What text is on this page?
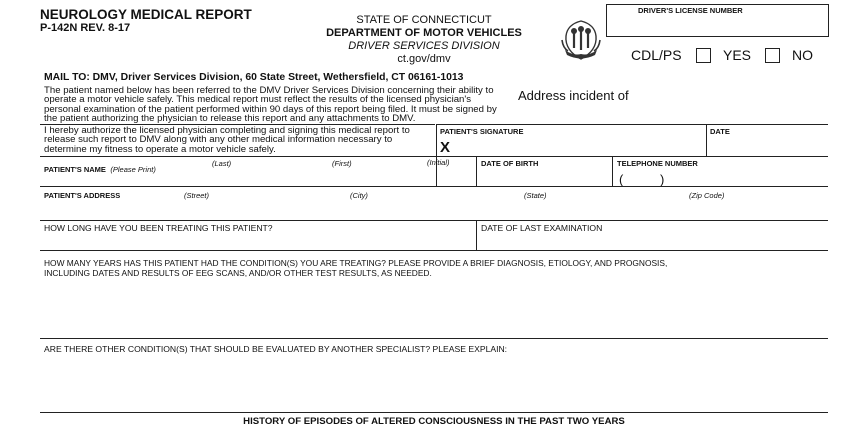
NEUROLOGY MEDICAL REPORT
P-142N REV. 8-17
STATE OF CONNECTICUT
DEPARTMENT OF MOTOR VEHICLES
DRIVER SERVICES DIVISION
ct.gov/dmv
DRIVER'S LICENSE NUMBER
CDL/PS	YES	NO
MAIL TO: DMV, Driver Services Division, 60 State Street, Wethersfield, CT 06161-1013
The patient named below has been referred to the DMV Driver Services Division concerning their ability to
operate a motor vehicle safely. This medical report must reflect the results of the licensed physician's
personal examination of the patient performed within 90 days of this report being filed. It must be signed by
the patient authorizing the physician to release this report and any attachments to DMV.
Address incident of
I hereby authorize the licensed physician completing and signing this medical report to
release such report to DMV along with any other medical information necessary to
determine my fitness to operate a motor vehicle safely.
PATIENT'S SIGNATURE
X
DATE
PATIENT'S NAME (Please Print)
(Last)	(First)	(Initial)	DATE OF BIRTH	TELEPHONE NUMBER
(	)
PATIENT'S ADDRESS	(Street)	(City)	(State)	(Zip Code)
HOW LONG HAVE YOU BEEN TREATING THIS PATIENT?	DATE OF LAST EXAMINATION
HOW MANY YEARS HAS THIS PATIENT HAD THE CONDITION(S) YOU ARE TREATING? PLEASE PROVIDE A BRIEF DIAGNOSIS, ETIOLOGY, AND PROGNOSIS,
INCLUDING DATES AND RESULTS OF EEG SCANS, AND/OR OTHER TEST RESULTS, AS NEEDED.
ARE THERE OTHER CONDITION(S) THAT SHOULD BE EVALUATED BY ANOTHER SPECIALIST? PLEASE EXPLAIN:
HISTORY OF EPISODES OF ALTERED CONSCIOUSNESS IN THE PAST TWO YEARS
